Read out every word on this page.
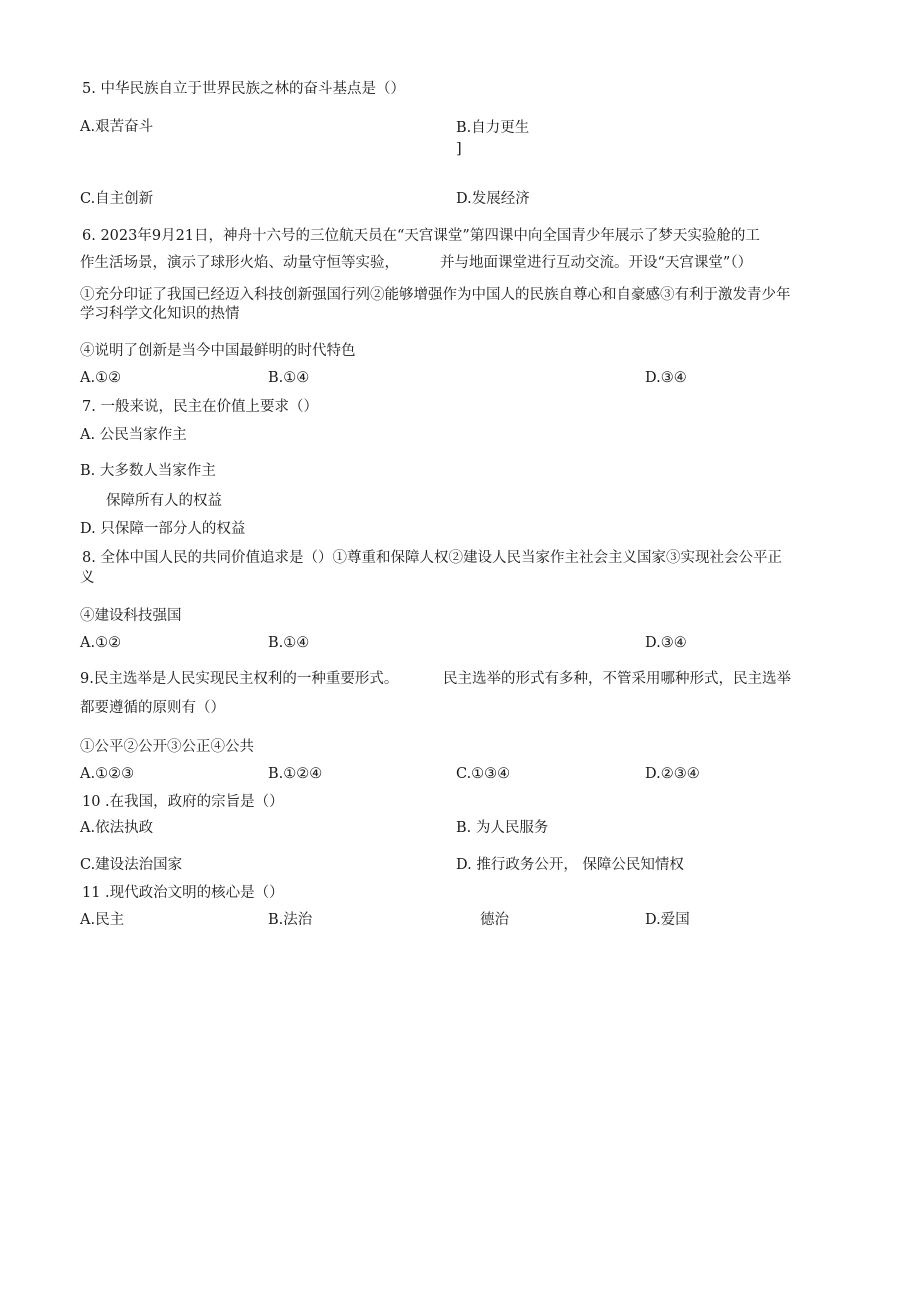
5. 中华民族自立于世界民族之林的奋斗基点是（）
A.艰苦奋斗	B.自力更生
]
C.自主创新	D.发展经济
6. 2023年9月21日，神舟十六号的三位航天员在“天宫课堂”第四课中向全国青少年展示了梦天实验舱的工
作生活场景，演示了球形火焰、动量守恒等实验，	并与地面课堂进行互动交流。开设“天宫课堂”（）
①充分印证了我国已经迈入科技创新强国行列②能够增强作为中国人的民族自尊心和自豪感③有利于激发青少年
学习科学文化知识的热情
④说明了创新是当今中国最鲜明的时代特色
A.①②	B.①④	D.③④
7. 一般来说，民主在价值上要求（）
A. 公民当家作主
B. 大多数人当家作主
保障所有人的权益
D. 只保障一部分人的权益
8. 全体中国人民的共同价值追求是（）①尊重和保障人权②建设人民当家作主社会主义国家③实现社会公平正
义
④建设科技强国
A.①②	B.①④	D.③④
9.民主选举是人民实现民主权利的一种重要形式。	民主选举的形式有多种，不管采用哪种形式，民主选举
都要遵循的原则有（）
①公平②公开③公正④公共
A.①②③	B.①②④	C.①③④	D.②③④
10 .在我国，政府的宗旨是（）
A.依法执政	B. 为人民服务
C.建设法治国家	D. 推行政务公开， 保障公民知情权
11 .现代政治文明的核心是（）
A.民主	B.法治	德治	D.爱国
